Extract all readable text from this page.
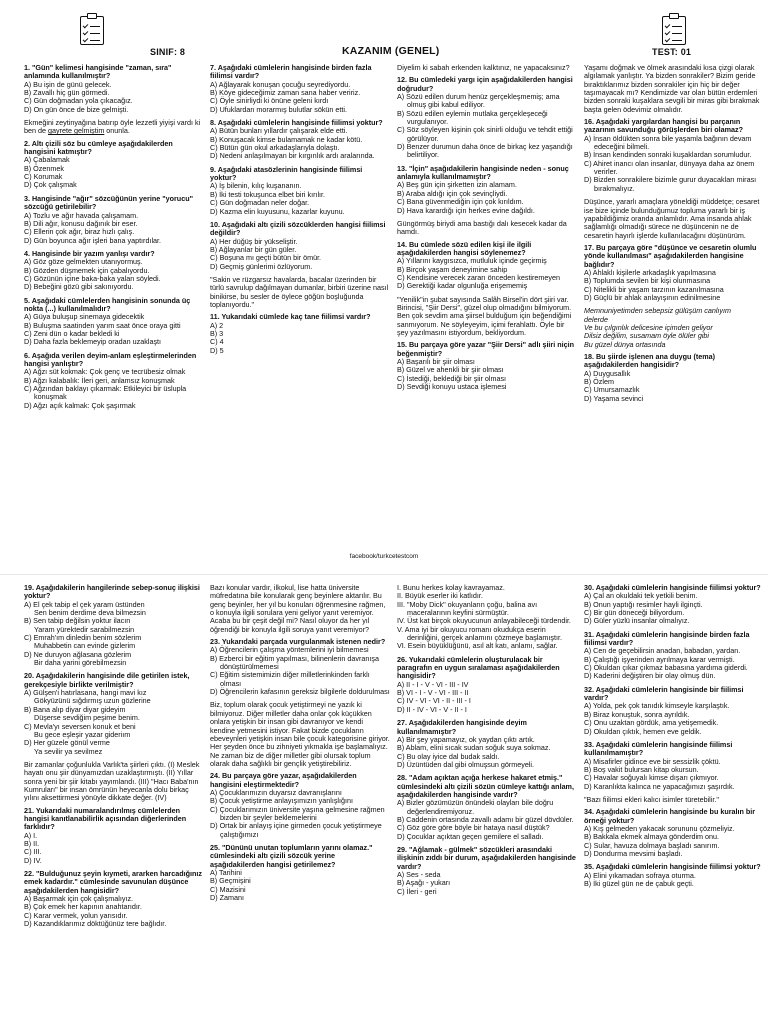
SINIF: 8	KAZANIM (GENEL)	TEST: 01
1. "Gün" kelimesi hangisinde "zaman, sıra" anlamında kullanılmıştır?
A) Bu işin de günü gelecek.
B) Zavallı hiç gün görmedi.
C) Gün doğmadan yola çıkacağız.
D) On gün önce de bize gelmişti.
Ekmeğini zeytinyağına batırıp öyle lezzetli yiyişi vardı ki ben de gayrete gelmiştim onunla.
2. Altı çizili söz bu cümleye aşağıdakilerden hangisini katmıştır?
A) Çabalamak
B) Özenmek
C) Korumak
D) Çok çalışmak
3. Hangisinde "ağır" sözcüğünün yerine "yorucu" sözcüğü getirilebilir?
A) Tozlu ve ağır havada çalışamam.
B) Dili ağır, konusu dağınık bir eser.
C) Ellerin çok ağır, biraz hızlı çalış.
D) Gün boyunca ağır işleri bana yaptırdılar.
4. Hangisinde bir yazım yanlışı vardır?
A) Göz göze gelmekten utanıyormuş.
B) Gözden düşmemek için çabalıyordu.
C) Gözünün içine baka-baka yalan söyledi.
D) Bebeğini gözü gibi sakınıyordu.
5. Aşağıdaki cümlelerden hangisinin sonunda üç nokta (...) kullanılmalıdır?
A) Güya buluşup sinemaya gidecektik
B) Buluşma saatinden yarım saat önce oraya gitti
C) Zeni dün o kadar bekledi ki
D) Daha fazla beklemeyip oradan uzaklaştı
6. Aşağıda verilen deyim-anlam eşleştirmelerinden hangisi yanlıştır?
A) Ağzı süt kokmak: Çok genç ve tecrübesiz olmak
B) Ağzı kalabalık: İleri geri, anlamsız konuşmak
C) Ağzından baklayı çıkarmak: Etkileyici bir üslupla konuşmak
D) Ağzı açık kalmak: Çok şaşırmak
7. Aşağıdaki cümlelerin hangisinde birden fazla fiilimsi vardır?
A) Ağlayarak konuşan çocuğu seyrediyordu.
B) Köye gideceğimiz zaman sana haber veririz.
C) Öyle sinirliydi ki önüne geleni kırdı
D) Ufuklardan morarmış bulutlar sökün etti.
8. Aşağıdaki cümlelerin hangisinde fiilimsi yoktur?
A) Bütün bunları yıllardır çalışarak elde etti.
B) Konuşacak kimse bulamamak ne kadar kötü.
C) Bütün gün okul arkadaşlarıyla dolaştı.
D) Nedeni anlaşılmayan bir kırgınlık ardı aralarında.
9. Aşağıdaki atasözlerinin hangisinde fiilimsi yoktur?
A) İş bilenin, kılıç kuşananın.
B) İki testi tokuşunca elbet biri kırılır.
C) Gün doğmadan neler doğar.
D) Kazma elin kuyusunu, kazarlar kuyunu.
10. Aşağıdaki altı çizili sözcüklerden hangisi fiilimsi değildir?
A) Her düğüş bir yükseliştir.
B) Ağlayanlar bir gün güler.
C) Boşuna mı geçti bütün bir ömür.
D) Geçmiş günlerimi özlüyorum.
"Sakin ve rüzgarsız havalarda, bacalar üzerinden bir türlü savrulup dağılmayan dumanlar, birbiri üzerine nasıl binikirse, bu sesler de öylece göğün boşluğunda toplanıyordu."
11. Yukarıdaki cümlede kaç tane fiilimsi vardır?
A) 2
B) 3
C) 4
D) 5
Diyelim ki sabah erkenden kalktınız, ne yapacaksınız?
12. Bu cümledeki yargı için aşağıdakilerden hangisi doğrudur?
A) Sözü edilen durum henüz gerçekleşmemiş; ama olmuş gibi kabul ediliyor.
B) Sözü edilen eylemin mutlaka gerçekleşeceği vurgulanıyor.
C) Söz söyleyen kişinin çok sinirli olduğu ve tehdit ettiği görülüyor.
D) Benzer durumun daha önce de birkaç kez yaşandığı belirtiliyor.
13. "İçin" aşağıdakilerin hangisinde neden - sonuç anlamıyla kullanılmamıştır?
A) Beş gün için şirketten izin alamam.
B) Araba aldığı için çok sevinçliydi.
C) Bana güvenmediğin için çok kırıldım.
D) Hava karardığı için herkes evine dağıldı.
Güngörmüş biriydi ama bastığı dalı kesecek kadar da hamdı.
14. Bu cümlede sözü edilen kişi ile ilgili aşağıdakilerden hangisi söylenemez?
A) Yıllarını kaygısızca, mutluluk içinde geçirmiş
B) Birçok yaşam deneyimine sahip
C) Kendisine verecek zararı önceden kestiremeyen
D) Gerektiği kadar olgunluğa erişememiş
"Yenilik"in şubat sayısında Salâh Birsel'in dört şiiri var. Birincisi, "Şiir Dersi", güzel olup olmadığını bilmiyorum. Ben çok sevdim ama şiirsel bulduğum için beğendiğimi sanmıyorum. Ne söyleyeyim, içimi ferahlattı. Öyle bir şey yazılmasını istiyordum, bekliyordum.
15. Bu parçaya göre yazar "Şiir Dersi" adlı şiiri niçin beğenmiştir?
A) Başarılı bir şiir olması
B) Güzel ve ahenkli bir şiir olması
C) İstediği, beklediği bir şiir olması
D) Sevdiği konuyu ustaca işlemesi
Yaşamı doğmak ve ölmek arasındaki kısa çizgi olarak algılamak yanlıştır. Ya bizden sonrakiler? Bizim geride bıraktıklarımız bizden sonrakiler için hiç bir değer taşımayacak mı? Kendimizde var olan bütün erdemleri bizden sonraki kuşaklara sevgili bir miras gibi bırakmak başta gelen ödevimiz olmalıdır.
16. Aşağıdaki yargılardan hangisi bu parçanın yazarının savunduğu görüşlerden biri olamaz?
A) İnsan öldükten sonra bile yaşamla bağının devam edeceğini bilmeli.
B) İnsan kendinden sonraki kuşaklardan sorumludur.
C) Ahiret inancı olan insanlar, dünyaya daha az önem verirler.
D) Bizden sonrakilere bizimle gurur duyacakları mirası bırakmalıyız.
Düşünce, yararlı amaçlara yöneldiği müddetçe; cesaret ise bize içinde bulunduğumuz topluma yararlı bir iş yapabildiğimiz oranda anlamlıdır. Ama insanda ahlak sağlamlığı olmadığı sürece ne düşüncenin ne de cesaretin hayırlı işlerde kullanılacağını düşünürüm.
17. Bu parçaya göre "düşünce ve cesaretin olumlu yönde kullanılması" aşağıdakilerden hangisine bağlıdır?
A) Ahlaklı kişilerle arkadaşlık yapılmasına
B) Toplumda sevilen bir kişi olunmasına
C) Nitelikli bir yaşam tarzının kazanılmasına
D) Güçlü bir ahlak anlayışının edinilmesine
Memnuniyetimden sebepsiz gülüşüm canlıyım
delerde
Ve bu çılgınlık delicesine içimden geliyor
Dilsiz değilim, susamam öyle ölüler gibi
Bu güzel dünya ortasında
18. Bu şiirde işlenen ana duygu (tema) aşağıdakilerden hangisidir?
A) Duygusallık
B) Özlem
C) Umursamazlık
D) Yaşama sevinci
facebook/turkcetestcom
19. Aşağıdakilerin hangilerinde sebep-sonuç ilişkisi yoktur?
A) El çek tabip el çek yaram üstünden
Sen benim derdime deva bilmezsin
B) Sen tabip değilsin yoktur ilacın
Yaram yürektedir sarabilmezsin
C) Emrah'ım dinledin benim sözlerim
Muhabbetin can evinde gizlerim
D) Ne duruyon ağlasana gözlerim
Bir daha yarini görebilmezsin
20. Aşağıdakilerin hangisinde dile getirilen istek, gerekçesiyle birlikte verilmiştir?
A) Gülşen'i hatırlasana, hangi mavi kız
Gökyüzünü sığdırmış uzun gözlerine
B) Bana alıp diyar diyar gideyim
Düşerse sevdiğim peşime benim.
C) Mevla'yı seversen konuk et beni
Bu gece eşleşir yazar gideriım
D) Her güzele gönül verme
Ya sevilir ya sevilmez
Bir zamanlar çoğunlukla Varlık'ta şiirleri çıktı. (I) Meslek hayatı onu şiir dünyamızdan uzaklaştırmıştı. (II) Yıllar sonra yeni bir şiir kitabı yayımlandı. (III) "Hacı Baba'nın Kumruları" bir insan ömrünün heyecanla dolu birkaç yılını aksettirmesi yönüyle dikkate değer. (IV)
21. Yukarıdaki numaralandırılmış cümlelerden hangisi kanıtlanabilirlik açısından diğerlerinden farklıdır?
A) I.
B) II.
C) III.
D) IV.
22. "Bulduğunuz şeyin kıymeti, ararken harcadığınız emek kadardır." cümlesinde savunulan düşünce aşağıdakilerden hangisidir?
A) Başarmak için çok çalışmalıyız.
B) Çok emek her kapının anahtarıdır.
C) Karar vermek, yolun yarısıdır.
D) Kazandıklarımız döktüğünüz tere bağlıdır.
Bazı konular vardır, ilkokul, lise hatta üniversite müfredatına bile konularak genç beyinlere aktarılır. Bu genç beyinler, her yıl bu konuları öğrenmesine rağmen, o konuyla ilgili sorulara yeni geliyor yanıt veremiyor. Acaba bu bir çeşit değil mi? Nasıl oluyor da her yıl öğrendiği bir konuyla ilgili soruya yanıt veremiyor?
23. Yukarıdaki parçada vurgulanmak istenen nedir?
A) Öğrencilerin çalışma yöntemlerini iyi bilmemesi
B) Ezberci bir eğitim yapılması, bilinenlerin davranışa dönüştürülmemesi
C) Eğitim sistemimizin diğer milletlerinkinden farklı olması
D) Öğrencilerin kafasının gereksiz bilgilerle doldurulması
Biz, toplum olarak çocuk yetiştirmeyi ne yazık ki bilmiyoruz. Diğer milletler daha onlar çok küçükken onlara yetişkin bir insan gibi davranıyor ve kendi kendine yetmesini istiyor. Fakat bizde çocukların ebeveynleri yetişkin insan bile çocuk kategorisine giriyor. Her şeyden önce bu zihniyeti yıkmakla işe başlamalıyız. Ne zaman biz de diğer milletler gibi olursak toplum olarak daha sağlıklı bir gençlik yetiştirebiliriz.
24. Bu parçaya göre yazar, aşağıdakilerden hangisini eleştirmektedir?
A) Çocuklarımızın duyarsız davranışlarını
B) Çocuk yetiştirme anlayışımızın yanlışlığını
C) Çocuklarımızın üniversite yaşına gelmesine rağmen bizden bir şeyler beklemelerini
D) Ortak bir anlayış içine girmeden çocuk yetiştirmeye çalıştığımızı
25. "Dününü unutan toplumların yarını olamaz." cümlesindeki altı çizili sözcük yerine aşağıdakilerden hangisi getirilemez?
A) Tarihini
B) Geçmişini
C) Mazisini
D) Zamanı
I. Bunu herkes kolay kavrayamaz.
II. Büyük eserler iki katlıdır.
III. "Moby Dick" okuyanların çoğu, balina avı maceralarının keyfini sürmüştür.
IV. Üst kat birçok okuyucunun anlayabileceği türdendir.
V. Ama iyi bir okuyucu romanı okudukça eserin derinliğini, gerçek anlamını çözmeye başlamıştır.
VI. Esein büyüklüğünü, asıl alt katı, anlamı, sağlar.
26. Yukarıdaki cümlelerin oluşturulacak bir paragrafın en uygun sıralaması aşağıdakilerden hangisidir?
A) II - I - V - VI - III - IV
B) VI - I - V - VI - III - II
C) IV - VI - VI - II - III - I
D) II - IV - VI - V - II - I
27. Aşağıdakilerden hangisinde deyim kullanılmamıştır?
A) Bir şey yapamayız, ok yaydan çıktı artık.
B) Ablam, elini sıcak sudan soğuk suya sokmaz.
C) Bu olay iyice dal budak saldı.
D) Üzüntüden dal gibi olmuşsun görmeyeli.
28. "Adam açıktan açığa herkese hakaret etmiş." cümlesindeki altı çizili sözün cümleye kattığı anlam, aşağıdakilerden hangisinde vardır?
A) Bizler gözümüzün önündeki olayları bile doğru değerlendiremiyoruz.
B) Caddenin ortasında zavallı adamı bir güzel dövdüler.
C) Göz göre göre böyle bir hataya nasıl düştük?
D) Çocuklar açıktan geçen gemilere el salladı.
29. "Ağlamak - gülmek" sözcükleri arasındaki ilişkinin zıddı bir durum, aşağıdakilerden hangisinde vardır?
A) Ses - seda
B) Aşağı - yukarı
C) İleri - geri
30. Aşağıdaki cümlelerin hangisinde fiilimsi yoktur?
A) Çal an okuldaki tek yetkili benim.
B) Onun yaptığı resimler hayli ilginçti.
C) Bir gün döneceği biliyordum.
D) Güler yüzlü insanlar olmalıyız.
31. Aşağıdaki cümlelerin hangisinde birden fazla fiilimsi vardır?
A) Cen de geçebilirsin anadan, babadan, yardan.
B) Çalıştığı işyerinden ayrılmaya karar vermişti.
C) Okuldan çıkar çıkmaz babasına yardıma giderdi.
D) Kaderini değiştiren bir olay olmuş dün.
32. Aşağıdaki cümlelerin hangisinde bir fiilimsi vardır?
A) Yolda, pek çok tanıdık kimseyle karşılaştık.
B) Biraz konuştuk, sonra ayrıldık.
C) Onu uzaktan gördük, ama yetişemedik.
D) Okuldan çıktık, hemen eve geldik.
33. Aşağıdaki cümlelerin hangisinde fiilimsi kullanılmamıştır?
A) Misafirler gidince eve bir sessizlik çöktü.
B) Boş vakit bulursan kitap okursun.
C) Havalar soğuyalı kimse dışarı çıkmıyor.
D) Karanlıkta kalınca ne yapacağımızı şaşırdık.
"Bazı fiilimsi ekleri kalıcı isimler türetebilir."
34. Aşağıdaki cümlelerin hangisinde bu kuralın bir örneği yoktur?
A) Kış gelmeden yakacak sorununu çözmeliyiz.
B) Bakkala ekmek almaya gönderdim onu.
C) Sular, havuza dolmaya başladı sanırım.
D) Dondurma mevsimi başladı.
35. Aşağıdaki cümlelerin hangisinde fiilimsi yoktur?
A) Elini yıkamadan sofraya oturma.
B) İki güzel gün ne de çabuk geçti.
